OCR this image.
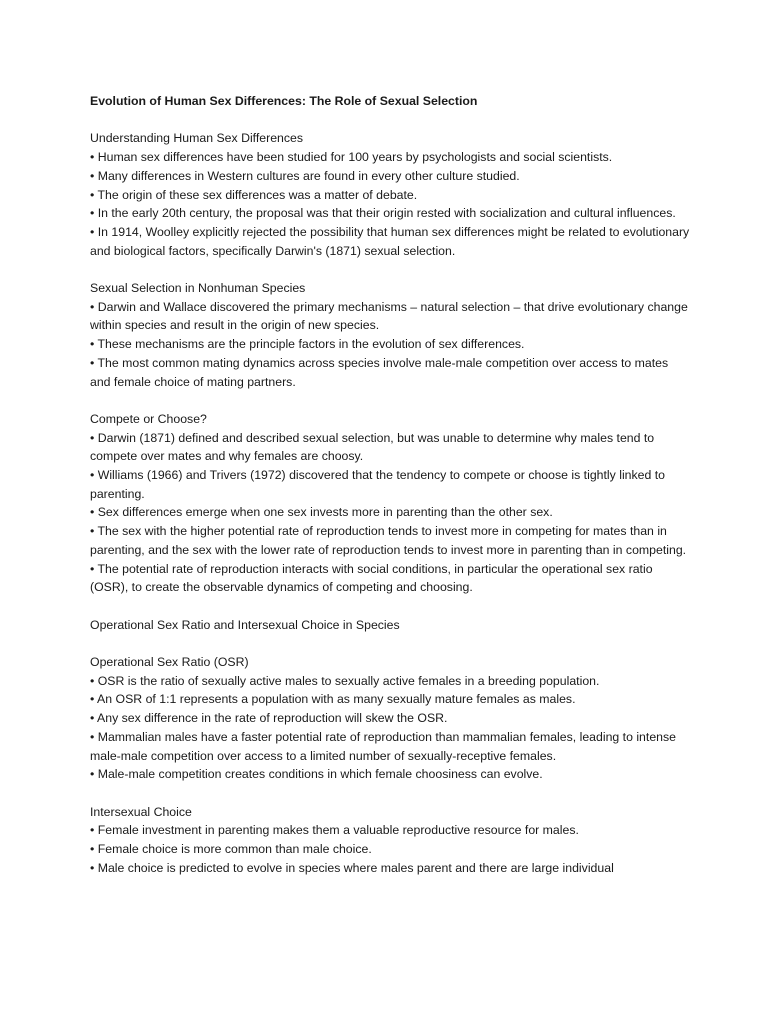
Evolution of Human Sex Differences: The Role of Sexual Selection

Understanding Human Sex Differences

• Human sex differences have been studied for 100 years by psychologists and social scientists.

• Many differences in Western cultures are found in every other culture studied.

• The origin of these sex differences was a matter of debate.

• In the early 20th century, the proposal was that their origin rested with socialization and cultural influences.

• In 1914, Woolley explicitly rejected the possibility that human sex differences might be related to evolutionary and biological factors, specifically Darwin's (1871) sexual selection.

Sexual Selection in Nonhuman Species

• Darwin and Wallace discovered the primary mechanisms – natural selection – that drive evolutionary change within species and result in the origin of new species.

• These mechanisms are the principle factors in the evolution of sex differences.

• The most common mating dynamics across species involve male-male competition over access to mates and female choice of mating partners.

Compete or Choose?

• Darwin (1871) defined and described sexual selection, but was unable to determine why males tend to compete over mates and why females are choosy.

• Williams (1966) and Trivers (1972) discovered that the tendency to compete or choose is tightly linked to parenting.

• Sex differences emerge when one sex invests more in parenting than the other sex.

• The sex with the higher potential rate of reproduction tends to invest more in competing for mates than in parenting, and the sex with the lower rate of reproduction tends to invest more in parenting than in competing.

• The potential rate of reproduction interacts with social conditions, in particular the operational sex ratio (OSR), to create the observable dynamics of competing and choosing.

Operational Sex Ratio and Intersexual Choice in Species

Operational Sex Ratio (OSR)

• OSR is the ratio of sexually active males to sexually active females in a breeding population.

• An OSR of 1:1 represents a population with as many sexually mature females as males.

• Any sex difference in the rate of reproduction will skew the OSR.

• Mammalian males have a faster potential rate of reproduction than mammalian females, leading to intense male-male competition over access to a limited number of sexually-receptive females.

• Male-male competition creates conditions in which female choosiness can evolve.

Intersexual Choice

• Female investment in parenting makes them a valuable reproductive resource for males.

• Female choice is more common than male choice.

• Male choice is predicted to evolve in species where males parent and there are large individual
